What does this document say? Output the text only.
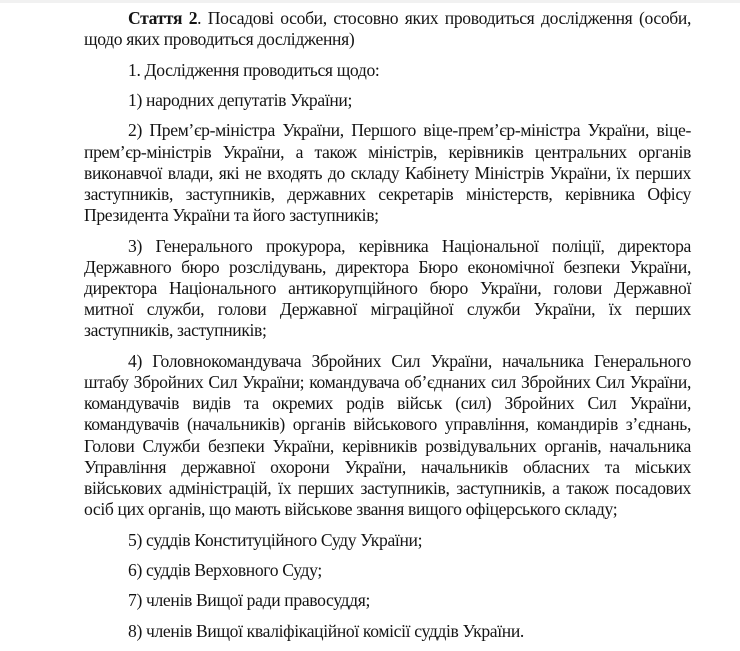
Стаття 2. Посадові особи, стосовно яких проводиться дослідження (особи, щодо яких проводиться дослідження)

1. Дослідження проводиться щодо:

1) народних депутатів України;

2) Прем’єр-міністра України, Першого віце-прем’єр-міністра України, віце-прем’єр-міністрів України, а також міністрів, керівників центральних органів виконавчої влади, які не входять до складу Кабінету Міністрів України, їх перших заступників, заступників, державних секретарів міністерств, керівника Офісу Президента України та його заступників;

3) Генерального прокурора, керівника Національної поліції, директора Державного бюро розслідувань, директора Бюро економічної безпеки України, директора Національного антикорупційного бюро України, голови Державної митної служби, голови Державної міграційної служби України, їх перших заступників, заступників;

4) Головнокомандувача Збройних Сил України, начальника Генерального штабу Збройних Сил України; командувача об’єднаних сил Збройних Сил України, командувачів видів та окремих родів військ (сил) Збройних Сил України, командувачів (начальників) органів військового управління, командирів з’єднань, Голови Служби безпеки України, керівників розвідувальних органів, начальника Управління державної охорони України, начальників обласних та міських військових адміністрацій, їх перших заступників, заступників, а також посадових осіб цих органів, що мають військове звання вищого офіцерського складу;

5) суддів Конституційного Суду України;

6) суддів Верховного Суду;

7) членів Вищої ради правосуддя;

8) членів Вищої кваліфікаційної комісії суддів України.
